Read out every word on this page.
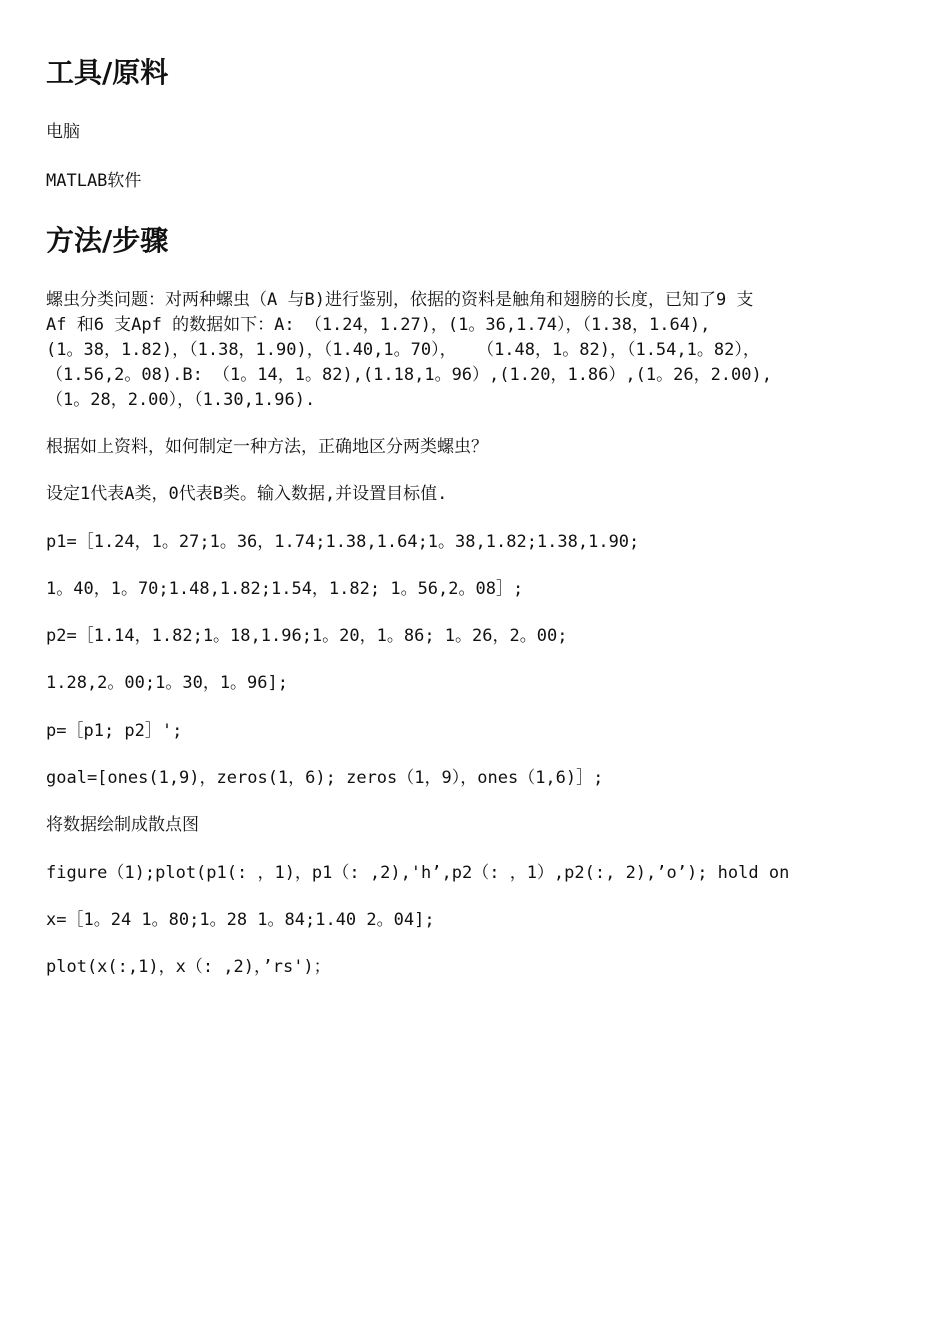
工具/原料

电脑

MATLAB软件

方法/步骤
螺虫分类问题：对两种螺虫（A 与B)进行鉴别，依据的资料是触角和翅膀的长度，已知了9 支
Af 和6 支Apf 的数据如下：A: （1.24，1.27)，(1。36,1.74），（1.38，1.64),
(1。38，1.82)，（1.38，1.90)，（1.40,1。70），  （1.48，1。82)，（1.54,1。82），
（1.56,2。08).B: （1。14，1。82),(1.18,1。96）,(1.20，1.86）,(1。26，2.00),
（1。28，2.00），（1.30,1.96).

根据如上资料，如何制定一种方法，正确地区分两类螺虫？

设定1代表A类，0代表B类。输入数据,并设置目标值.

p1=［1.24，1。27;1。36，1.74;1.38,1.64;1。38,1.82;1.38,1.90;

1。40，1。70;1.48,1.82;1.54，1.82; 1。56,2。08］;

p2=［1.14，1.82;1。18,1.96;1。20，1。86; 1。26，2。00;

1.28,2。00;1。30，1。96];

p=［p1; p2］';

goal=[ones(1,9)，zeros(1，6); zeros（1，9），ones（1,6)］;

将数据绘制成散点图

figure（1);plot(p1(: ，1)，p1（: ,2),'h’,p2（: ，1）,p2(:, 2),’o’); hold on

x=［1。24 1。80;1。28 1。84;1.40 2。04];

plot(x(:,1)，x（: ,2)，’rs')；
